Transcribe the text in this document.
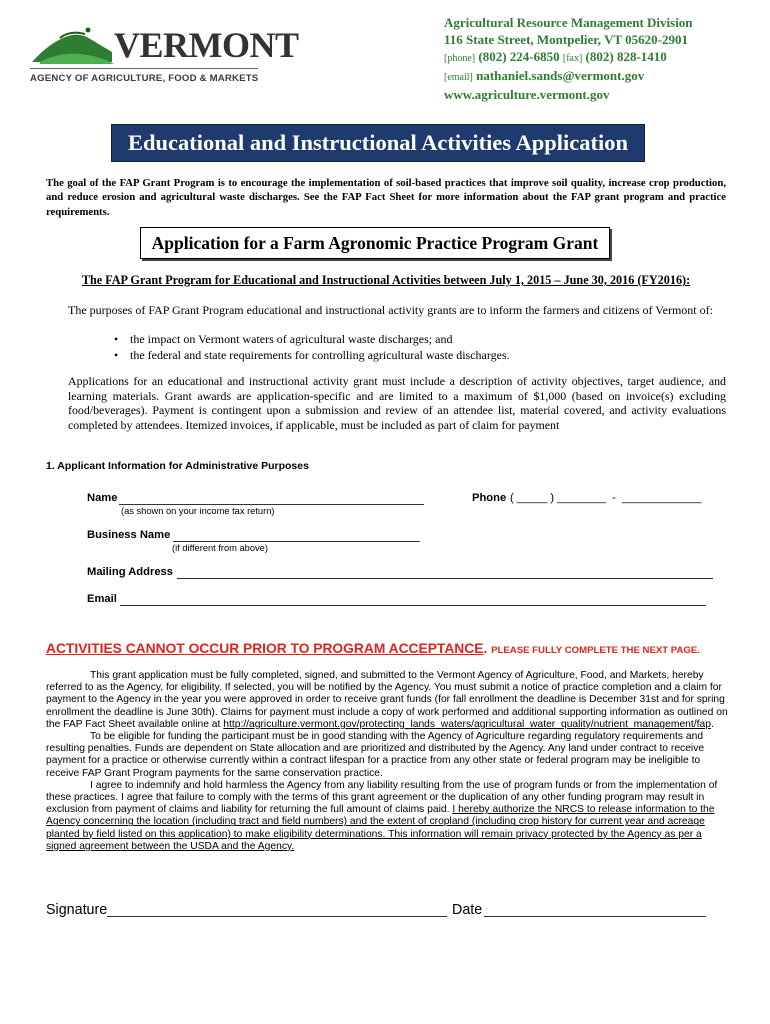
VERMONT
AGENCY OF AGRICULTURE, FOOD & MARKETS
Agricultural Resource Management Division
116 State Street, Montpelier, VT 05620-2901
[phone] (802) 224-6850 [fax] (802) 828-1410
[email] nathaniel.sands@vermont.gov
www.agriculture.vermont.gov
Educational and Instructional Activities Application
The goal of the FAP Grant Program is to encourage the implementation of soil-based practices that improve soil quality, increase crop production, and reduce erosion and agricultural waste discharges. See the FAP Fact Sheet for more information about the FAP grant program and practice requirements.
Application for a Farm Agronomic Practice Program Grant
The FAP Grant Program for Educational and Instructional Activities between July 1, 2015 – June 30, 2016 (FY2016):
The purposes of FAP Grant Program educational and instructional activity grants are to inform the farmers and citizens of Vermont of:
• the impact on Vermont waters of agricultural waste discharges; and
• the federal and state requirements for controlling agricultural waste discharges.
Applications for an educational and instructional activity grant must include a description of activity objectives, target audience, and learning materials. Grant awards are application-specific and are limited to a maximum of $1,000 (based on invoice(s) excluding food/beverages). Payment is contingent upon a submission and review of an attendee list, material covered, and activity evaluations completed by attendees. Itemized invoices, if applicable, must be included as part of claim for payment
1. Applicant Information for Administrative Purposes
Name
(as shown on your income tax return)
Phone ( _____ ) ________  -  _____________
Business Name
(if different from above)
Mailing Address
Email
ACTIVITIES CANNOT OCCUR PRIOR TO PROGRAM ACCEPTANCE. PLEASE FULLY COMPLETE THE NEXT PAGE.

This grant application must be fully completed, signed, and submitted to the Vermont Agency of Agriculture, Food, and Markets, hereby referred to as the Agency, for eligibility. If selected, you will be notified by the Agency. You must submit a notice of practice completion and a claim for payment to the Agency in the year you were approved in order to receive grant funds (for fall enrollment the deadline is December 31st and for spring enrollment the deadline is June 30th). Claims for payment must include a copy of work performed and additional supporting information as outlined on the FAP Fact Sheet available online at http://agriculture.vermont.gov/protecting_lands_waters/agricultural_water_quality/nutrient_management/fap.

To be eligible for funding the participant must be in good standing with the Agency of Agriculture regarding regulatory requirements and resulting penalties. Funds are dependent on State allocation and are prioritized and distributed by the Agency. Any land under contract to receive payment for a practice or otherwise currently within a contract lifespan for a practice from any other state or federal program may be ineligible to receive FAP Grant Program payments for the same conservation practice.

I agree to indemnify and hold harmless the Agency from any liability resulting from the use of program funds or from the implementation of these practices. I agree that failure to comply with the terms of this grant agreement or the duplication of any other funding program may result in exclusion from payment of claims and liability for returning the full amount of claims paid. I hereby authorize the NRCS to release information to the Agency concerning the location (including tract and field numbers) and the extent of cropland (including crop history for current year and acreage planted by field listed on this application) to make eligibility determinations. This information will remain privacy protected by the Agency as per a signed agreement between the USDA and the Agency.

Signature	Date
